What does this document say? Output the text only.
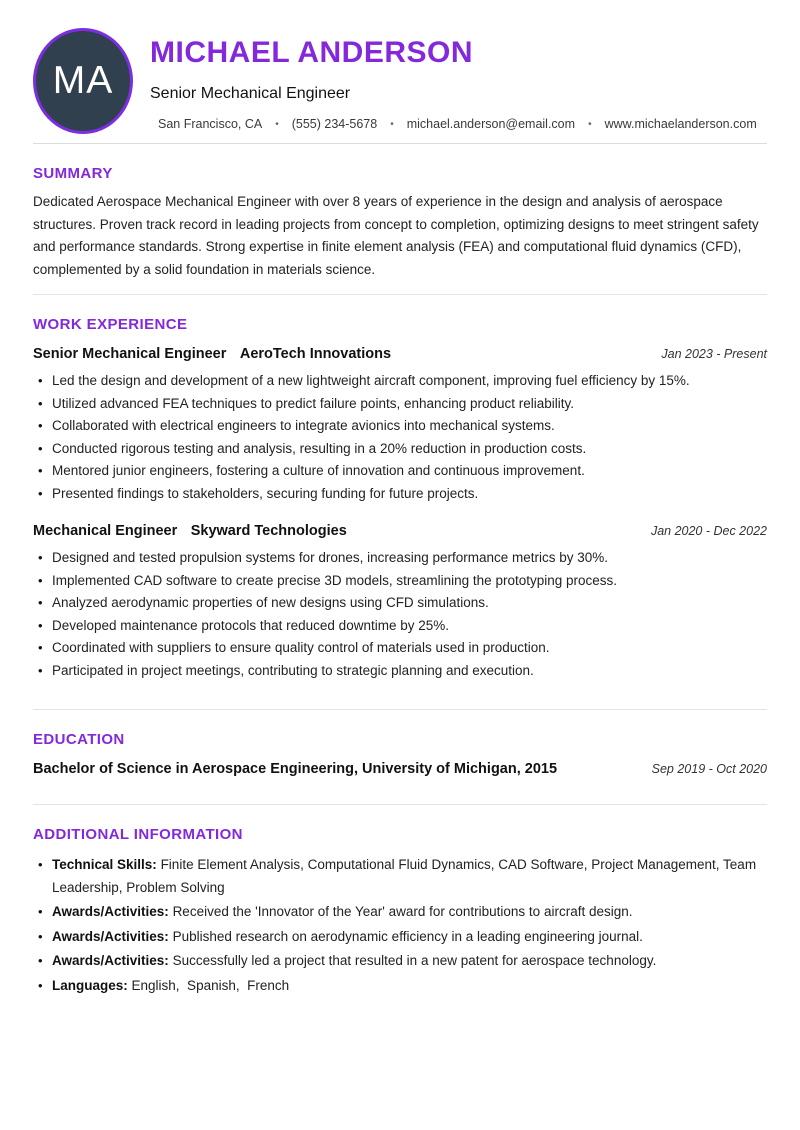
MA
MICHAEL ANDERSON
Senior Mechanical Engineer
San Francisco, CA • (555) 234-5678 • michael.anderson@email.com • www.michaelanderson.com
SUMMARY

Dedicated Aerospace Mechanical Engineer with over 8 years of experience in the design and analysis of aerospace structures. Proven track record in leading projects from concept to completion, optimizing designs to meet stringent safety and performance standards. Strong expertise in finite element analysis (FEA) and computational fluid dynamics (CFD), complemented by a solid foundation in materials science.

WORK EXPERIENCE
Senior Mechanical Engineer AeroTech Innovations	Jan 2023 - Present
• Led the design and development of a new lightweight aircraft component, improving fuel efficiency by 15%.
• Utilized advanced FEA techniques to predict failure points, enhancing product reliability.
• Collaborated with electrical engineers to integrate avionics into mechanical systems.
• Conducted rigorous testing and analysis, resulting in a 20% reduction in production costs.
• Mentored junior engineers, fostering a culture of innovation and continuous improvement.
• Presented findings to stakeholders, securing funding for future projects.
Mechanical Engineer Skyward Technologies	Jan 2020 - Dec 2022
• Designed and tested propulsion systems for drones, increasing performance metrics by 30%.
• Implemented CAD software to create precise 3D models, streamlining the prototyping process.
• Analyzed aerodynamic properties of new designs using CFD simulations.
• Developed maintenance protocols that reduced downtime by 25%.
• Coordinated with suppliers to ensure quality control of materials used in production.
• Participated in project meetings, contributing to strategic planning and execution.
EDUCATION
Bachelor of Science in Aerospace Engineering, University of Michigan, 2015	Sep 2019 - Oct 2020
ADDITIONAL INFORMATION
• Technical Skills: Finite Element Analysis, Computational Fluid Dynamics, CAD Software, Project Management, Team Leadership, Problem Solving
• Awards/Activities: Received the 'Innovator of the Year' award for contributions to aircraft design.
• Awards/Activities: Published research on aerodynamic efficiency in a leading engineering journal.
• Awards/Activities: Successfully led a project that resulted in a new patent for aerospace technology.
• Languages: English,  Spanish,  French
